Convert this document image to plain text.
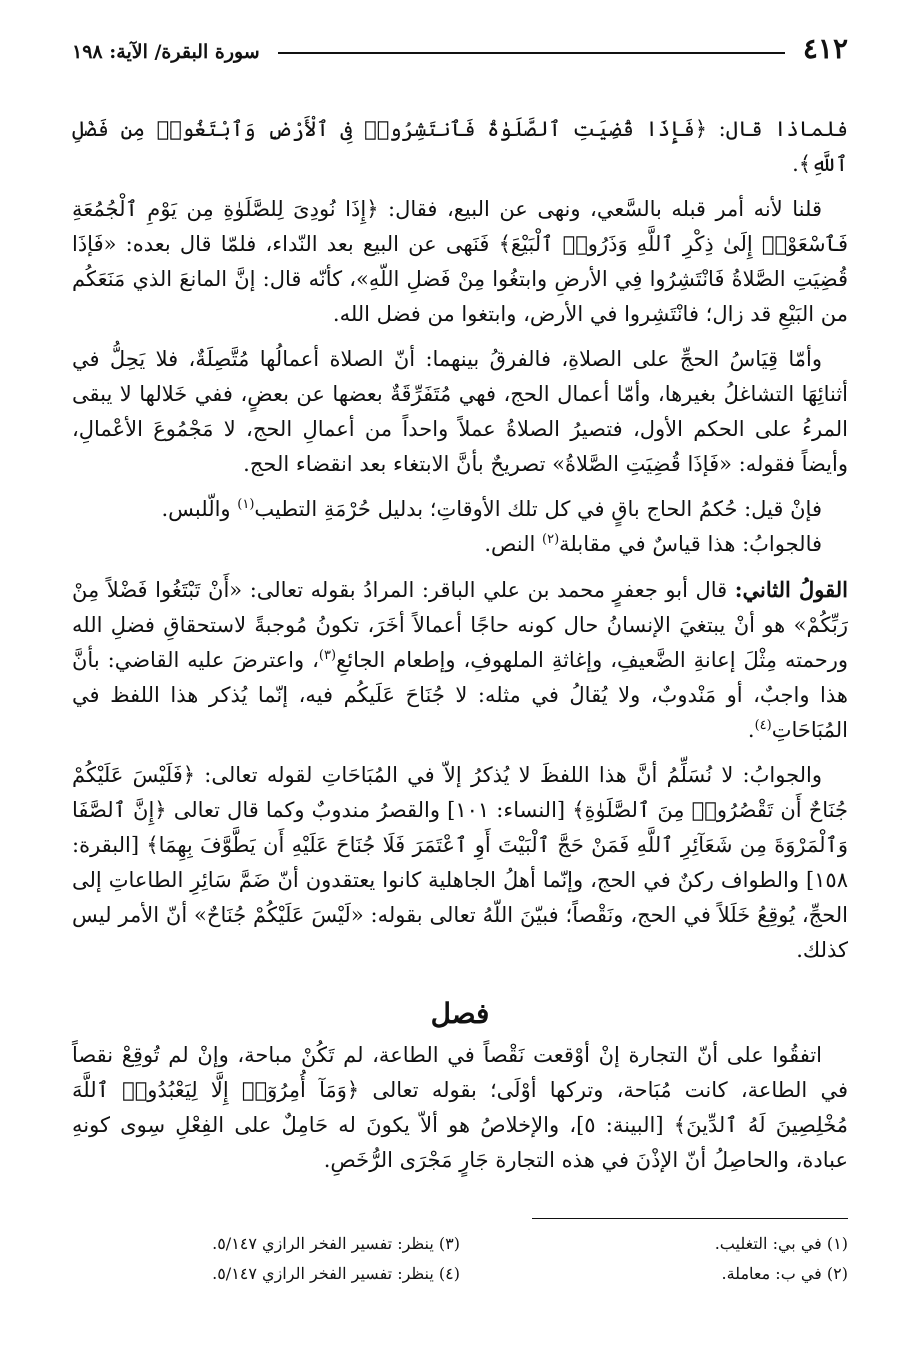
٤١٢
سورة البقرة/ الآية: ١٩٨

فلماذا قال: ﴿فَإِذَا قُضِيَتِ ٱلصَّلَوٰةُ فَٱنتَشِرُوا۟ فِى ٱلْأَرْضِ وَٱبْتَغُوا۟ مِن فَضْلِ ٱللَّهِ﴾.

قلنا لأنه أمر قبله بالسَّعي، ونهى عن البيع، فقال: ﴿إِذَا نُودِىَ لِلصَّلَوٰةِ مِن يَوْمِ ٱلْجُمُعَةِ فَٱسْعَوْا۟ إِلَىٰ ذِكْرِ ٱللَّهِ وَذَرُوا۟ ٱلْبَيْعَ﴾ فَنَهى عن البيع بعد النّداء، فلمّا قال بعده: «فَإذَا قُضِيَتِ الصَّلاةُ فَانْتَشِرُوا فِي الأرضِ وابتغُوا مِنْ فَضلِ اللّهِ»، كأنّه قال: إنَّ المانعَ الذي مَنَعَكُم من البَيْعِ قد زال؛ فانْتَشِروا في الأرض، وابتغوا من فضل الله.

وأمّا قِيَاسُ الحجِّ على الصلاةِ، فالفرقُ بينهما: أنّ الصلاة أعمالُها مُتَّصِلَةٌ، فلا يَحِلُّ في أثنائِهَا التشاغلُ بغيرها، وأمّا أعمال الحج، فهي مُتَفَرِّقَةٌ بعضها عن بعضٍ، ففي خَلالها لا يبقى المرءُ على الحكم الأول، فتصيرُ الصلاةُ عملاً واحداً من أعمالِ الحج، لا مَجْمُوعَ الأعْمالِ، وأيضاً فقوله: «فَإذَا قُضِيَتِ الصَّلاةُ» تصريحٌ بأنَّ الابتغاء بعد انقضاء الحج.

فإنْ قيل: حُكمُ الحاج باقٍ في كل تلك الأوقاتِ؛ بدليل حُرْمَةِ التطيب$^{(١)}$ والّلبس.

فالجوابُ: هذا قياسٌ في مقابلة$^{(٢)}$ النص.

القولُ الثاني: قال أبو جعفرٍ محمد بن علي الباقر: المرادُ بقوله تعالى: «أَنْ تَبْتَغُوا فَضْلاً مِنْ رَبِّكُمْ» هو أنْ يبتغيَ الإنسانُ حال كونه حاجًا أعمالاً أخَرَ، تكونُ مُوجبةً لاستحقاقِ فضلِ الله ورحمته مِثْلَ إعانةِ الضَّعيفِ، وإغاثةِ الملهوفِ، وإطعام الجائعِ$^{(٣)}$، واعترضَ عليه القاضي: بأنَّ هذا واجبٌ، أو مَنْدوبٌ، ولا يُقالُ في مثله: لا جُنَاحَ عَلَيكُم فيه، إنّما يُذكر هذا اللفظ في المُبَاحَاتِ$^{(٤)}$.

والجوابُ: لا نُسَلِّمُ أنَّ هذا اللفظَ لا يُذكرُ إلاّ في المُبَاحَاتِ لقوله تعالى: ﴿فَلَيْسَ عَلَيْكُمْ جُنَاحٌ أَن تَقْصُرُوا۟ مِنَ ٱلصَّلَوٰةِ﴾ [النساء: ١٠١] والقصرُ مندوبٌ وكما قال تعالى ﴿إِنَّ ٱلصَّفَا وَٱلْمَرْوَةَ مِن شَعَآئِرِ ٱللَّهِ فَمَنْ حَجَّ ٱلْبَيْتَ أَوِ ٱعْتَمَرَ فَلَا جُنَاحَ عَلَيْهِ أَن يَطَّوَّفَ بِهِمَا﴾ [البقرة: ١٥٨] والطواف ركنٌ في الحج، وإنّما أهلُ الجاهلية كانوا يعتقدون أنّ ضَمَّ سَائِرِ الطاعاتِ إلى الحجِّ، يُوقِعُ خَلَلاً في الحج، ونَقْصاً؛ فبيّنَ اللّهُ تعالى بقوله: «لَيْسَ عَلَيْكُمْ جُنَاحٌ» أنّ الأمر ليس كذلك.

فصل

اتفقُوا على أنّ التجارة إنْ أوْقعت نَقْصاً في الطاعة، لم تَكُنْ مباحة، وإنْ لم تُوقِعْ نقصاً في الطاعة، كانت مُبَاحة، وتركها أوْلَى؛ بقوله تعالى ﴿وَمَآ أُمِرُوٓا۟ إِلَّا لِيَعْبُدُوا۟ ٱللَّهَ مُخْلِصِينَ لَهُ ٱلدِّينَ﴾ [البينة: ٥]، والإخلاصُ هو ألاّ يكونَ له حَامِلٌ على الفِعْلِ سِوى كونهِ عبادة، والحاصِلُ أنّ الإذْنَ في هذه التجارة جَارٍ مَجْرَى الرُّخَصِ.

(١) في بي: التغليب.
(٣) ينظر: تفسير الفخر الرازي ٥/١٤٧.
(٢) في ب: معاملة.
(٤) ينظر: تفسير الفخر الرازي ٥/١٤٧.
